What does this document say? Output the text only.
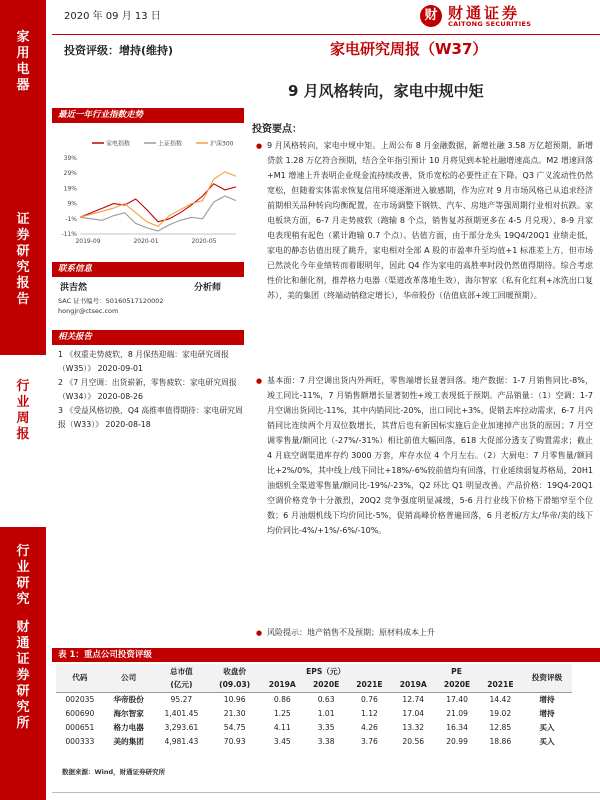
家用电器
证券研究报告
行业周报
行业研究
财通证券研究所
2020 年 09 月 13 日	财 财通证券
CAITONG SECURITIES
投资评级：增持(维持)	家电研究周报（W37）
9 月风格转向，家电中规中矩
最近一年行业指数走势
家电指数	上证指数	沪深300
39%
29%
19%
9%
-1%
-11%
2019-09	2020-01	2020-05
联系信息
洪吉然	分析师
SAC 证书编号：S0160517120002
hongjr@ctsec.com
相关报告

1 《权重走势疲软，8 月保热迎端：家电研究周报（W35）》 2020-09-01

2 《7 月空调：出货崭新，零售疲软：家电研究周报（W34）》 2020-08-26

3 《受益风格切换，Q4 高推率值得期待：家电研究周报（W33）》 2020-08-18

投资要点：
● 9 月风格转向，家电中规中矩。上周公布 8 月金融数据，新增社融 3.58 万亿超预期，新增贷款 1.28 万亿符合预期，结合全年指引预计 10 月将见到本轮社融增速高点。M2 增速回落+M1 增速上升表明企业现金流持续改善，货币宽松的必要性正在下降。Q3 广义流动性仍然宽松，但随着实体需求恢复信用环境逐渐进入敏感期，作为应对 9 月市场风格已从追求经济前期相关品种转向均衡配置，在市场调整下钢铁、汽车、房地产等强周期行业相对抗跌。家电板块方面，6-7 月走势疲软（跑输 8 个点，销售复苏预期更多在 4-5 月兑现）、8-9 月家电表现稍有起色（累计跑输 0.7 个点）。估值方面，由于部分龙头 19Q4/20Q1 业绩走低，家电的静态估值出现了跳升，家电相对全部 A 股的市盈率升至均值+1 标准差上方，但市场已然淡化今年业绩转而着眼明年，因此 Q4 作为家电的高胜率时段仍然值得期待。综合考虑性价比和催化剂，推荐格力电器（渠道改革落地生效），海尔智家（私有化红利+冰洗出口复苏），美的集团（终端动销稳定增长），华帝股份（估值底部+竣工回暖预期）。
● 基本面：7 月空调出货内外两旺，零售端增长显著回落。地产数据：1-7 月销售同比-8%，竣工同比-11%，7 月销售额增长显著韧性+竣工表现低于预期。产品销量：（1）空调：1-7 月空调出货同比-11%，其中内销同比-20%，出口同比+3%，促销去库拉动需求，6-7 月内销同比连续两个月双位数增长，其背后也有新国标实施后企业加速掉产出货的原因；7 月空调零售量/额同比（-27%/-31%）相比前值大幅回落，618 大促部分透支了购置需求；截止 4 月底空调渠道库存约 3000 万套，库存水位 4 个月左右。（2）大厨电：7 月零售量/额同比+2%/0%，其中线上/线下同比+18%/-6%较前值均有回落，行业延续弱复苏格局，20H1 油烟机全渠道零售量/额同比-19%/-23%，Q2 环比 Q1 明显改善。产品价格：19Q4-20Q1 空调价格竞争十分激烈，20Q2 竞争强度明显减缓，5-6 月行业线下价格下滑缩窄至个位数；6 月油烟机线下均价同比-5%，促销高峰价格普遍回落，6 月老板/方太/华帝/美的线下均价同比-4%/+1%/-6%/-10%。
● 风险提示：地产销售不及预期；原材料成本上升
表 1：重点公司投资评级
代码	公司	总市值	收盘价	EPS（元）			PE			投资评级
		(亿元)	(09.03)	2019A	2020E	2021E	2019A	2020E	2021E	
002035	华帝股份	95.27	10.96	0.86	0.63	0.76	12.74	17.40	14.42	增持
600690	海尔智家	1,401.45	21.30	1.25	1.01	1.12	17.04	21.09	19.02	增持
000651	格力电器	3,293.61	54.75	4.11	3.35	4.26	13.32	16.34	12.85	买入
000333	美的集团	4,981.43	70.93	3.45	3.38	3.76	20.56	20.99	18.86	买入
数据来源：Wind，财通证券研究所
